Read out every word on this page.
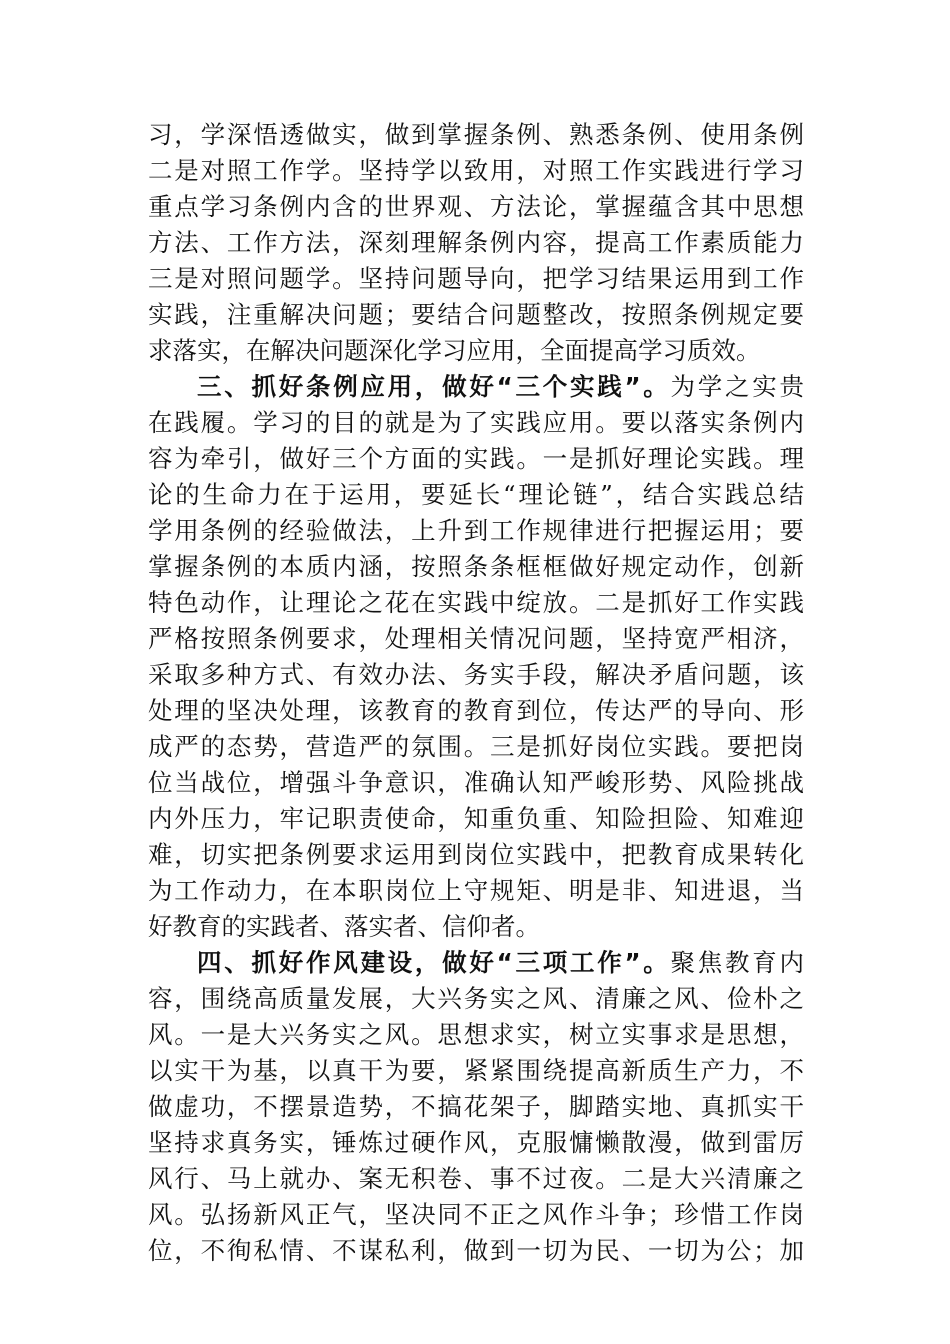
习，学深悟透做实，做到掌握条例、熟悉条例、使用条例
二是对照工作学。坚持学以致用，对照工作实践进行学习
重点学习条例内含的世界观、方法论，掌握蕴含其中思想
方法、工作方法，深刻理解条例内容，提高工作素质能力
三是对照问题学。坚持问题导向，把学习结果运用到工作
实践，注重解决问题；要结合问题整改，按照条例规定要
求落实，在解决问题深化学习应用，全面提高学习质效。
三、抓好条例应用，做好“三个实践”。为学之实贵
在践履。学习的目的就是为了实践应用。要以落实条例内
容为牵引，做好三个方面的实践。一是抓好理论实践。理
论的生命力在于运用，要延长“理论链”，结合实践总结
学用条例的经验做法，上升到工作规律进行把握运用；要
掌握条例的本质内涵，按照条条框框做好规定动作，创新
特色动作，让理论之花在实践中绽放。二是抓好工作实践
严格按照条例要求，处理相关情况问题，坚持宽严相济，
采取多种方式、有效办法、务实手段，解决矛盾问题，该
处理的坚决处理，该教育的教育到位，传达严的导向、形
成严的态势，营造严的氛围。三是抓好岗位实践。要把岗
位当战位，增强斗争意识，准确认知严峻形势、风险挑战
内外压力，牢记职责使命，知重负重、知险担险、知难迎
难，切实把条例要求运用到岗位实践中，把教育成果转化
为工作动力，在本职岗位上守规矩、明是非、知进退，当
好教育的实践者、落实者、信仰者。
四、抓好作风建设，做好“三项工作”。聚焦教育内
容，围绕高质量发展，大兴务实之风、清廉之风、俭朴之
风。一是大兴务实之风。思想求实，树立实事求是思想，
以实干为基，以真干为要，紧紧围绕提高新质生产力，不
做虚功，不摆景造势，不搞花架子，脚踏实地、真抓实干
坚持求真务实，锤炼过硬作风，克服慵懒散漫，做到雷厉
风行、马上就办、案无积卷、事不过夜。二是大兴清廉之
风。弘扬新风正气，坚决同不正之风作斗争；珍惜工作岗
位，不徇私情、不谋私利，做到一切为民、一切为公；加
